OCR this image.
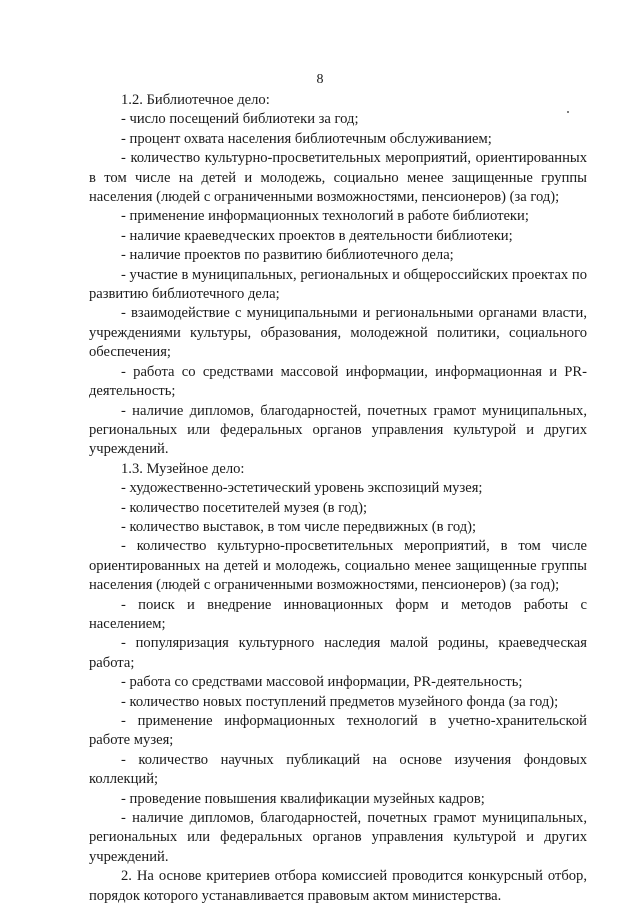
8

1.2. Библиотечное дело:

- число посещений библиотеки за год;

- процент охвата населения библиотечным обслуживанием;

- количество культурно-просветительных мероприятий, ориентированных в том числе на детей и молодежь, социально менее защищенные группы населения (людей с ограниченными возможностями, пенсионеров) (за год);

- применение информационных технологий в работе библиотеки;

- наличие краеведческих проектов в деятельности библиотеки;

- наличие проектов по развитию библиотечного дела;

- участие в муниципальных, региональных и общероссийских проектах по развитию библиотечного дела;

- взаимодействие с муниципальными и региональными органами власти, учреждениями культуры, образования, молодежной политики, социального обеспечения;

- работа со средствами массовой информации, информационная и PR-деятельность;

- наличие дипломов, благодарностей, почетных грамот муниципальных, региональных или федеральных органов управления культурой и других учреждений.

1.3. Музейное дело:

- художественно-эстетический уровень экспозиций музея;

- количество посетителей музея (в год);

- количество выставок, в том числе передвижных (в год);

- количество культурно-просветительных мероприятий, в том числе ориентированных на детей и молодежь, социально менее защищенные группы населения (людей с ограниченными возможностями, пенсионеров) (за год);

- поиск и внедрение инновационных форм и методов работы с населением;

- популяризация культурного наследия малой родины, краеведческая работа;

- работа со средствами массовой информации, PR-деятельность;

- количество новых поступлений предметов музейного фонда (за год);

- применение информационных технологий в учетно-хранительской работе музея;

- количество научных публикаций на основе изучения фондовых коллекций;

- проведение повышения квалификации музейных кадров;

- наличие дипломов, благодарностей, почетных грамот муниципальных, региональных или федеральных органов управления культурой и других учреждений.

2. На основе критериев отбора комиссией проводится конкурсный отбор, порядок которого устанавливается правовым актом министерства.
